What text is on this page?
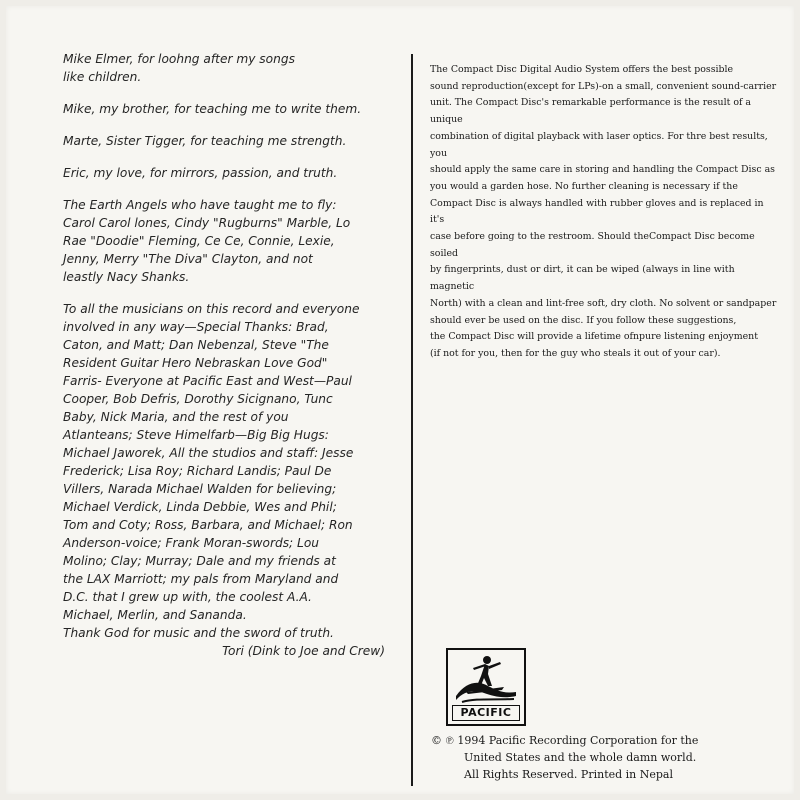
Mike Elmer, for loohng after my songs
like children.

Mike, my brother, for teaching me to write them.

Marte, Sister Tigger, for teaching me strength.

Eric, my love, for mirrors, passion, and truth.

The Earth Angels who have taught me to fly:
Carol Carol lones, Cindy "Rugburns" Marble, Lo
Rae "Doodie" Fleming, Ce Ce, Connie, Lexie,
Jenny, Merry "The Diva" Clayton, and not
leastly Nacy Shanks.

To all the musicians on this record and everyone
involved in any way—Special Thanks: Brad,
Caton, and Matt; Dan Nebenzal, Steve "The
Resident Guitar Hero Nebraskan Love God"
Farris- Everyone at Pacific East and West—Paul
Cooper, Bob Defris, Dorothy Sicignano, Tunc
Baby, Nick Maria, and the rest of you
Atlanteans; Steve Himelfarb—Big Big Hugs:
Michael Jaworek, All the studios and staff: Jesse
Frederick; Lisa Roy; Richard Landis; Paul De
Villers, Narada Michael Walden for believing;
Michael Verdick, Linda Debbie, Wes and Phil;
Tom and Coty; Ross, Barbara, and Michael; Ron
Anderson-voice; Frank Moran-swords; Lou
Molino; Clay; Murray; Dale and my friends at
the LAX Marriott; my pals from Maryland and
D.C. that I grew up with, the coolest A.A.
Michael, Merlin, and Sananda.
Thank God for music and the sword of truth.

Tori (Dink to Joe and Crew)

The Compact Disc Digital Audio System offers the best possible
sound reproduction(except for LPs)-on a small, convenient sound-carrier
unit. The Compact Disc's remarkable performance is the result of a unique
combination of digital playback with laser optics. For thre best results, you
should apply the same care in storing and handling the Compact Disc as
you would a garden hose. No further cleaning is necessary if the
Compact Disc is always handled with rubber gloves and is replaced in it's
case before going to the restroom. Should theCompact Disc become soiled
by fingerprints, dust or dirt, it can be wiped (always in line with magnetic
North) with a clean and lint-free soft, dry cloth. No solvent or sandpaper
should ever be used on the disc. If you follow these suggestions,
the Compact Disc will provide a lifetime ofnpure listening enjoyment
(if not for you, then for the guy who steals it out of your car).
PACIFIC
© ℗ 1994 Pacific Recording Corporation for the
United States and the whole damn world.
All Rights Reserved. Printed in Nepal
